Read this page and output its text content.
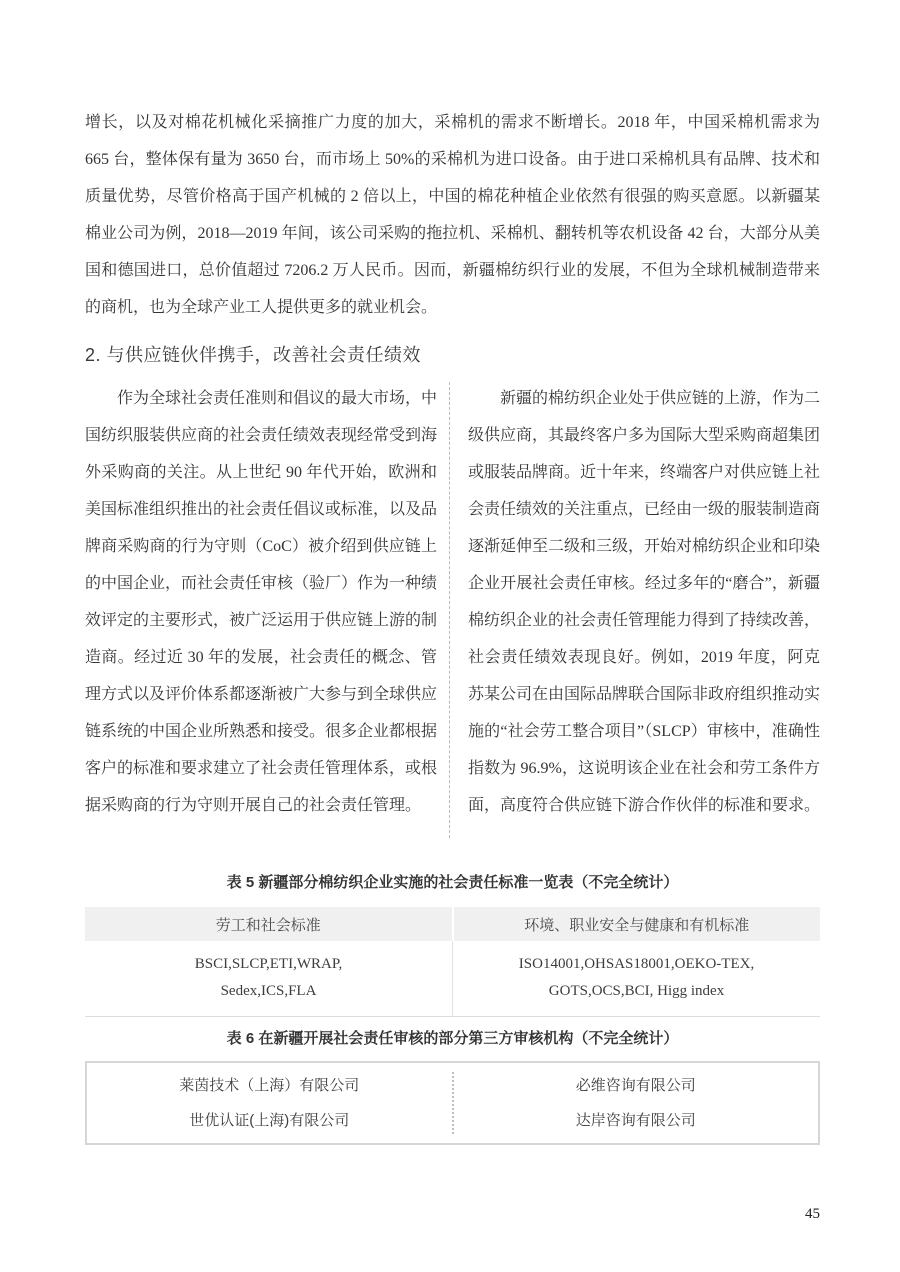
增长，以及对棉花机械化采摘推广力度的加大，采棉机的需求不断增长。2018 年，中国采棉机需求为 665 台，整体保有量为 3650 台，而市场上 50%的采棉机为进口设备。由于进口采棉机具有品牌、技术和质量优势，尽管价格高于国产机械的 2 倍以上，中国的棉花种植企业依然有很强的购买意愿。以新疆某棉业公司为例，2018—2019 年间，该公司采购的拖拉机、采棉机、翻转机等农机设备 42 台，大部分从美国和德国进口，总价值超过 7206.2 万人民币。因而，新疆棉纺织行业的发展，不但为全球机械制造带来的商机，也为全球产业工人提供更多的就业机会。
2. 与供应链伙伴携手，改善社会责任绩效
作为全球社会责任准则和倡议的最大市场，中国纺织服装供应商的社会责任绩效表现经常受到海外采购商的关注。从上世纪 90 年代开始，欧洲和美国标准组织推出的社会责任倡议或标准，以及品牌商采购商的行为守则（CoC）被介绍到供应链上的中国企业，而社会责任审核（验厂）作为一种绩效评定的主要形式，被广泛运用于供应链上游的制造商。经过近 30 年的发展，社会责任的概念、管理方式以及评价体系都逐渐被广大参与到全球供应链系统的中国企业所熟悉和接受。很多企业都根据客户的标准和要求建立了社会责任管理体系，或根据采购商的行为守则开展自己的社会责任管理。
新疆的棉纺织企业处于供应链的上游，作为二级供应商，其最终客户多为国际大型采购商超集团或服装品牌商。近十年来，终端客户对供应链上社会责任绩效的关注重点，已经由一级的服装制造商逐渐延伸至二级和三级，开始对棉纺织企业和印染企业开展社会责任审核。经过多年的“磨合”，新疆棉纺织企业的社会责任管理能力得到了持续改善，社会责任绩效表现良好。例如，2019 年度，阿克苏某公司在由国际品牌联合国际非政府组织推动实施的“社会劳工整合项目”（SLCP）审核中，准确性指数为 96.9%，这说明该企业在社会和劳工条件方面，高度符合供应链下游合作伙伴的标准和要求。
表 5 新疆部分棉纺织企业实施的社会责任标准一览表（不完全统计）
劳工和社会标准	环境、职业安全与健康和有机标准
BSCI,SLCP,ETI,WRAP,
Sedex,ICS,FLA
ISO14001,OHSAS18001,OEKO-TEX,
GOTS,OCS,BCI, Higg index
表 6 在新疆开展社会责任审核的部分第三方审核机构（不完全统计）
莱茵技术（上海）有限公司
世优认证(上海)有限公司
必维咨询有限公司
达岸咨询有限公司
45
